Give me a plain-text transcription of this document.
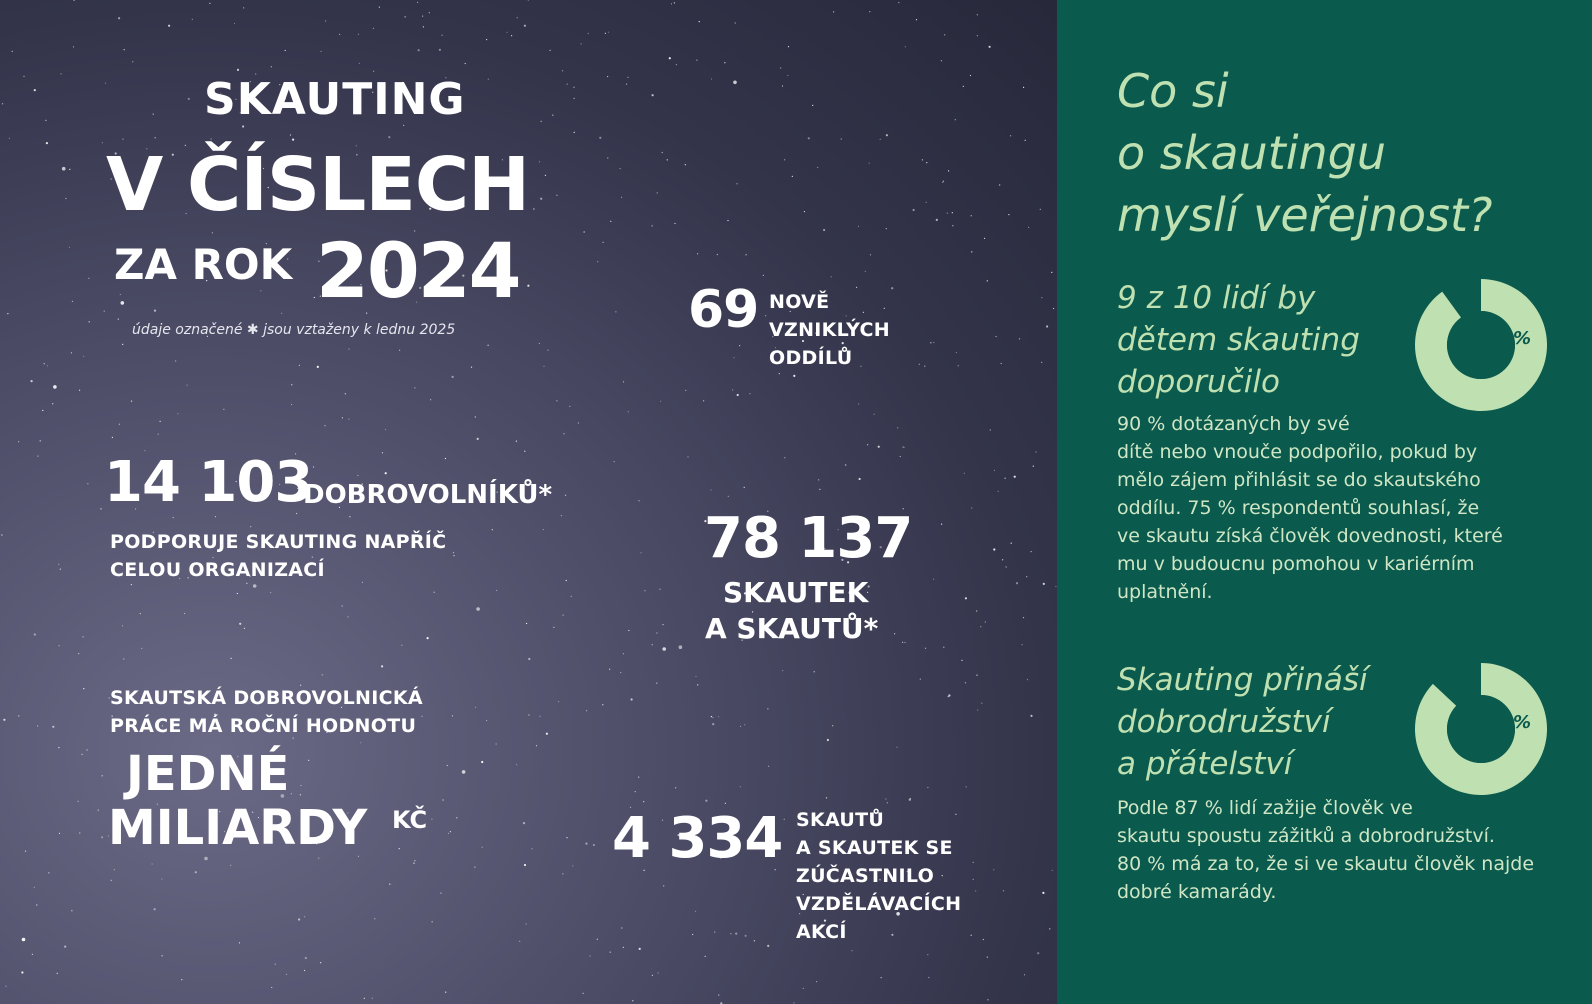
SKAUTING
V ČÍSLECH
ZA ROK 2024
údaje označené ✱ jsou vztaženy k lednu 2025	69 NOVĚ
VZNIKLÝCH
ODDÍLŮ
14 103
DOBROVOLNÍKŮ*
PODPORUJE SKAUTING NAPŘÍČ
CELOU ORGANIZACÍ	78 137
SKAUTEK
A SKAUTŮ*
SKAUTSKÁ DOBROVOLNICKÁ
PRÁCE MÁ ROČNÍ HODNOTU
JEDNÉ
MILIARDY KČ	4 334 SKAUTŮ
A SKAUTEK SE
ZÚČASTNILO
VZDĚLÁVACÍCH
AKCÍ
Co si
o skautingu
myslí veřejnost?
9 z 10 lidí by
dětem skauting
doporučilo
90 %
90 % dotázaných by své
dítě nebo vnouče podpořilo, pokud by
mělo zájem přihlásit se do skautského
oddílu. 75 % respondentů souhlasí, že
ve skautu získá člověk dovednosti, které
mu v budoucnu pomohou v kariérním
uplatnění.
Skauting přináší
dobrodružství
a přátelství
87 %
Podle 87 % lidí zažije člověk ve
skautu spoustu zážitků a dobrodružství.
80 % má za to, že si ve skautu člověk najde
dobré kamarády.
